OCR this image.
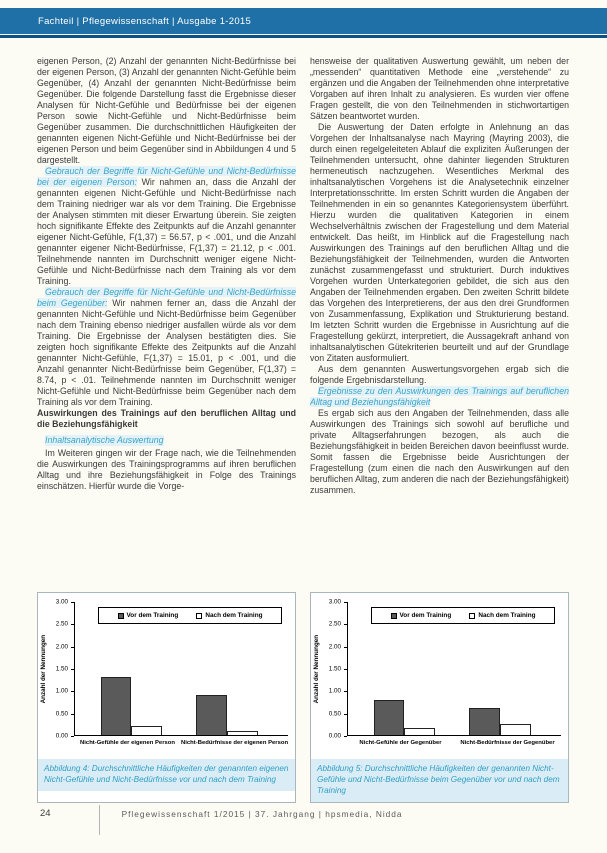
Fachteil | Pflegewissenschaft | Ausgabe 1-2015

eigenen Person, (2) Anzahl der genannten Nicht-Bedürfnisse bei der eigenen Person, (3) Anzahl der genannten Nicht-Gefühle beim Gegenüber, (4) Anzahl der genannten Nicht-Bedürfnisse beim Gegenüber. Die folgende Darstellung fasst die Ergebnisse dieser Analysen für Nicht-Gefühle und Bedürfnisse bei der eigenen Person sowie Nicht-Gefühle und Nicht-Bedürfnisse beim Gegenüber zusammen. Die durchschnittlichen Häufigkeiten der genannten eigenen Nicht-Gefühle und Nicht-Bedürfnisse bei der eigenen Person und beim Gegenüber sind in Abbildungen 4 und 5 dargestellt.

Gebrauch der Begriffe für Nicht-Gefühle und Nicht-Bedürfnisse bei der eigenen Person: Wir nahmen an, dass die Anzahl der genannten eigenen Nicht-Gefühle und Nicht-Bedürfnisse nach dem Training niedriger war als vor dem Training. Die Ergebnisse der Analysen stimmten mit dieser Erwartung überein. Sie zeigten hoch signifikante Effekte des Zeitpunkts auf die Anzahl genannter eigener Nicht-Gefühle, F(1,37) = 56.57, p < .001, und die Anzahl genannter eigener Nicht-Bedürfnisse, F(1,37) = 21.12, p < .001. Teilnehmende nannten im Durchschnitt weniger eigene Nicht-Gefühle und Nicht-Bedürfnisse nach dem Training als vor dem Training.

Gebrauch der Begriffe für Nicht-Gefühle und Nicht-Bedürfnisse beim Gegenüber: Wir nahmen ferner an, dass die Anzahl der genannten Nicht-Gefühle und Nicht-Bedürfnisse beim Gegenüber nach dem Training ebenso niedriger ausfallen würde als vor dem Training. Die Ergebnisse der Analysen bestätigten dies. Sie zeigten hoch signifikante Effekte des Zeitpunkts auf die Anzahl genannter Nicht-Gefühle, F(1,37) = 15.01, p < .001, und die Anzahl genannter Nicht-Bedürfnisse beim Gegenüber, F(1,37) = 8.74, p < .01. Teilnehmende nannten im Durchschnitt weniger Nicht-Gefühle und Nicht-Bedürfnisse beim Gegenüber nach dem Training als vor dem Training.

Auswirkungen des Trainings auf den beruflichen Alltag und die Beziehungsfähigkeit

Inhaltsanalytische Auswertung

Im Weiteren gingen wir der Frage nach, wie die Teilnehmenden die Auswirkungen des Trainingsprogramms auf ihren beruflichen Alltag und ihre Beziehungsfähigkeit in Folge des Trainings einschätzen. Hierfür wurde die Vorge-

hensweise der qualitativen Auswertung gewählt, um neben der „messenden“ quantitativen Methode eine „verstehende“ zu ergänzen und die Angaben der Teilnehmenden ohne interpretative Vorgaben auf ihren Inhalt zu analysieren. Es wurden vier offene Fragen gestellt, die von den Teilnehmenden in stichwortartigen Sätzen beantwortet wurden.

Die Auswertung der Daten erfolgte in Anlehnung an das Vorgehen der Inhaltsanalyse nach Mayring (Mayring 2003), die durch einen regelgeleiteten Ablauf die expliziten Äußerungen der Teilnehmenden untersucht, ohne dahinter liegenden Strukturen hermeneutisch nachzugehen. Wesentliches Merkmal des inhaltsanalytischen Vorgehens ist die Analysetechnik einzelner Interpretationsschritte. Im ersten Schritt wurden die Angaben der Teilnehmenden in ein so genanntes Kategoriensystem überführt. Hierzu wurden die qualitativen Kategorien in einem Wechselverhältnis zwischen der Fragestellung und dem Material entwickelt. Das heißt, im Hinblick auf die Fragestellung nach Auswirkungen des Trainings auf den beruflichen Alltag und die Beziehungsfähigkeit der Teilnehmenden, wurden die Antworten zunächst zusammengefasst und strukturiert. Durch induktives Vorgehen wurden Unterkategorien gebildet, die sich aus den Angaben der Teilnehmenden ergaben. Den zweiten Schritt bildete das Vorgehen des Interpretierens, der aus den drei Grundformen von Zusammenfassung, Explikation und Strukturierung bestand. Im letzten Schritt wurden die Ergebnisse in Ausrichtung auf die Fragestellung gekürzt, interpretiert, die Aussagekraft anhand von inhaltsanalytischen Gütekriterien beurteilt und auf der Grundlage von Zitaten ausformuliert.

Aus dem genannten Auswertungsvorgehen ergab sich die folgende Ergebnisdarstellung.

Ergebnisse zu den Auswirkungen des Trainings auf beruflichen Alltag und Beziehungsfähigkeit

Es ergab sich aus den Angaben der Teilnehmenden, dass alle Auswirkungen des Trainings sich sowohl auf berufliche und private Alltagserfahrungen bezogen, als auch die Beziehungsfähigkeit in beiden Bereichen davon beeinflusst wurde. Somit fassen die Ergebnisse beide Ausrichtungen der Fragestellung (zum einen die nach den Auswirkungen auf den beruflichen Alltag, zum anderen die nach der Beziehungsfähigkeit) zusammen.

0.00
0.50
1.00
1.50
2.00
2.50
3.00
Anzahl der Nennungen
Vor dem Training	Nach dem Training
Nicht-Gefühle der eigenen Person	Nicht-Bedürfnisse der eigenen Person
Abbildung 4: Durchschnittliche Häufigkeiten der genannten eigenen Nicht-Gefühle und Nicht-Bedürfnisse vor und nach dem Training
0.00
0.50
1.00
1.50
2.00
2.50
3.00
Anzahl der Nennungen
Vor dem Training	Nach dem Training
Nicht-Gefühle der Gegenüber	Nicht-Bedürfnisse der Gegenüber
Abbildung 5: Durchschnittliche Häufigkeiten der genannten Nicht-Gefühle und Nicht-Bedürfnisse beim Gegenüber vor und nach dem Training
24	Pflegewissenschaft 1/2015 | 37. Jahrgang | hpsmedia, Nidda
